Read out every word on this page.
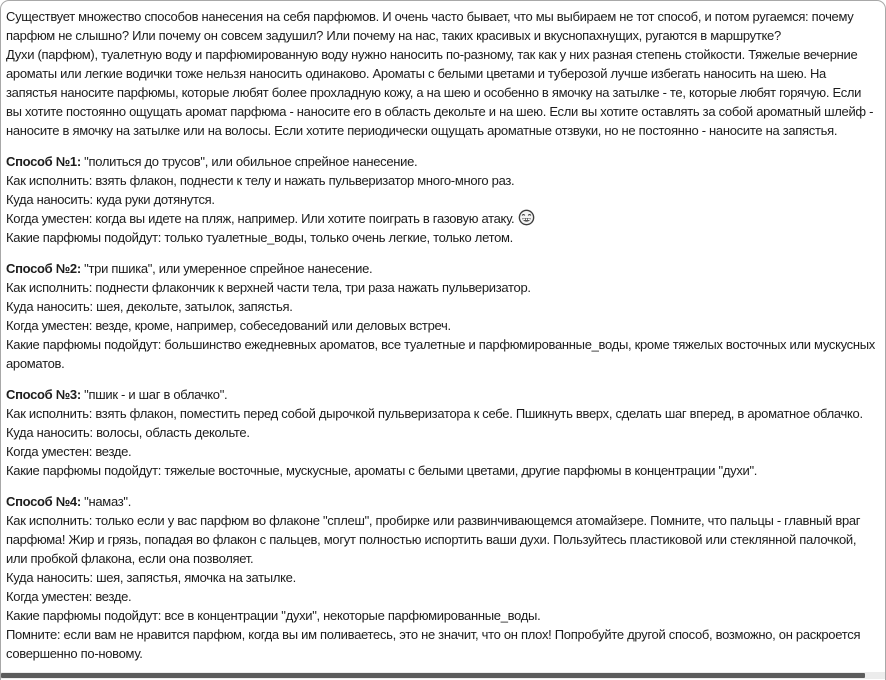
Существует множество способов нанесения на себя парфюмов. И очень часто бывает, что мы выбираем не тот способ, и потом ругаемся: почему парфюм не слышно? Или почему он совсем задушил? Или почему на нас, таких красивых и вкуснопахнущих, ругаются в маршрутке?

Духи (парфюм), туалетную воду и парфюмированную воду нужно наносить по-разному, так как у них разная степень стойкости. Тяжелые вечерние ароматы или легкие водички тоже нельзя наносить одинаково. Ароматы с белыми цветами и туберозой лучше избегать наносить на шею. На запястья наносите парфюмы, которые любят более прохладную кожу, а на шею и особенно в ямочку на затылке - те, которые любят горячую. Если вы хотите постоянно ощущать аромат парфюма - наносите его в область декольте и на шею. Если вы хотите оставлять за собой ароматный шлейф - наносите в ямочку на затылке или на волосы. Если хотите периодически ощущать ароматные отзвуки, но не постоянно - наносите на запястья.

Способ №1: "политься до трусов", или обильное спрейное нанесение.

Как исполнить: взять флакон, поднести к телу и нажать пульверизатор много-много раз.

Куда наносить: куда руки дотянутся.

Когда уместен: когда вы идете на пляж, например. Или хотите поиграть в газовую атаку.

Какие парфюмы подойдут: только туалетные_воды, только очень легкие, только летом.

Способ №2: "три пшика", или умеренное спрейное нанесение.

Как исполнить: поднести флакончик к верхней части тела, три раза нажать пульверизатор.

Куда наносить: шея, декольте, затылок, запястья.

Когда уместен: везде, кроме, например, собеседований или деловых встреч.

Какие парфюмы подойдут: большинство ежедневных ароматов, все туалетные и парфюмированные_воды, кроме тяжелых восточных или мускусных ароматов.

Способ №3: "пшик - и шаг в облачко".

Как исполнить: взять флакон, поместить перед собой дырочкой пульверизатора к себе. Пшикнуть вверх, сделать шаг вперед, в ароматное облачко.

Куда наносить: волосы, область декольте.

Когда уместен: везде.

Какие парфюмы подойдут: тяжелые восточные, мускусные, ароматы с белыми цветами, другие парфюмы в концентрации "духи".

Способ №4: "намаз".

Как исполнить: только если у вас парфюм во флаконе "сплеш", пробирке или развинчивающемся атомайзере. Помните, что пальцы - главный враг парфюма! Жир и грязь, попадая во флакон с пальцев, могут полностью испортить ваши духи. Пользуйтесь пластиковой или стеклянной палочкой, или пробкой флакона, если она позволяет.

Куда наносить: шея, запястья, ямочка на затылке.

Когда уместен: везде.

Какие парфюмы подойдут: все в концентрации "духи", некоторые парфюмированные_воды.

Помните: если вам не нравится парфюм, когда вы им поливаетесь, это не значит, что он плох! Попробуйте другой способ, возможно, он раскроется совершенно по-новому.
